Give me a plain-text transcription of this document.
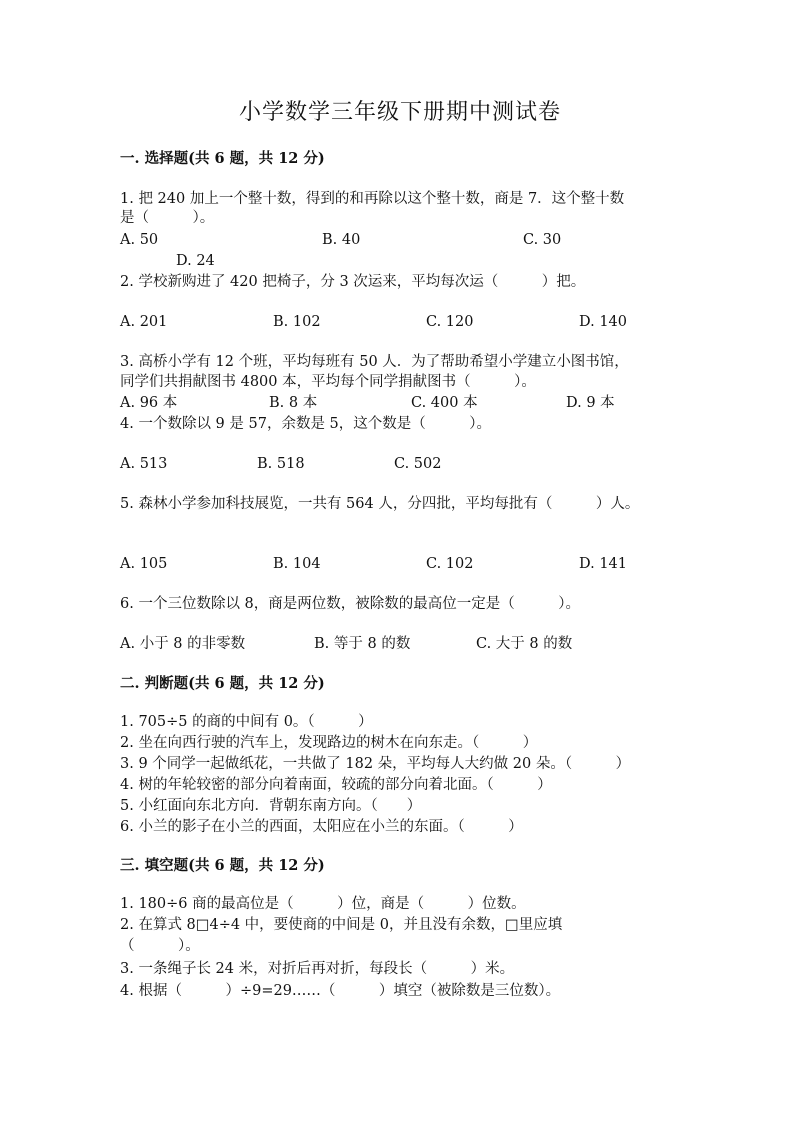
小学数学三年级下册期中测试卷
一. 选择题(共 6 题，共 12 分)
1. 把 240 加上一个整十数，得到的和再除以这个整十数，商是 7．这个整十数
是（　　　）。
A. 50	B. 40	C. 30
D. 24
2. 学校新购进了 420 把椅子，分 3 次运来，平均每次运（　　　）把。
A. 201	B. 102	C. 120	D. 140
3. 高桥小学有 12 个班，平均每班有 50 人．为了帮助希望小学建立小图书馆，
同学们共捐献图书 4800 本，平均每个同学捐献图书（　　　）。
A. 96 本	B. 8 本	C. 400 本	D. 9 本
4. 一个数除以 9 是 57，余数是 5，这个数是（　　　）。
A. 513	B. 518	C. 502
5. 森林小学参加科技展览，一共有 564 人，分四批，平均每批有（　　　）人。
A. 105	B. 104	C. 102	D. 141
6. 一个三位数除以 8，商是两位数，被除数的最高位一定是（　　　）。
A. 小于 8 的非零数	B. 等于 8 的数	C. 大于 8 的数
二. 判断题(共 6 题，共 12 分)
1. 705÷5 的商的中间有 0。（　　　）
2. 坐在向西行驶的汽车上，发现路边的树木在向东走。（　　　）
3. 9 个同学一起做纸花，一共做了 182 朵，平均每人大约做 20 朵。（　　　）
4. 树的年轮较密的部分向着南面，较疏的部分向着北面。（　　　）
5. 小红面向东北方向．背朝东南方向。（　　）
6. 小兰的影子在小兰的西面，太阳应在小兰的东面。（　　　）
三. 填空题(共 6 题，共 12 分)
1. 180÷6 商的最高位是（　　　）位，商是（　　　）位数。
2. 在算式 8□4÷4 中，要使商的中间是 0，并且没有余数，□里应填
（　　　）。
3. 一条绳子长 24 米，对折后再对折，每段长（　　　）米。
4. 根据（　　　）÷9=29……（　　　）填空（被除数是三位数）。
